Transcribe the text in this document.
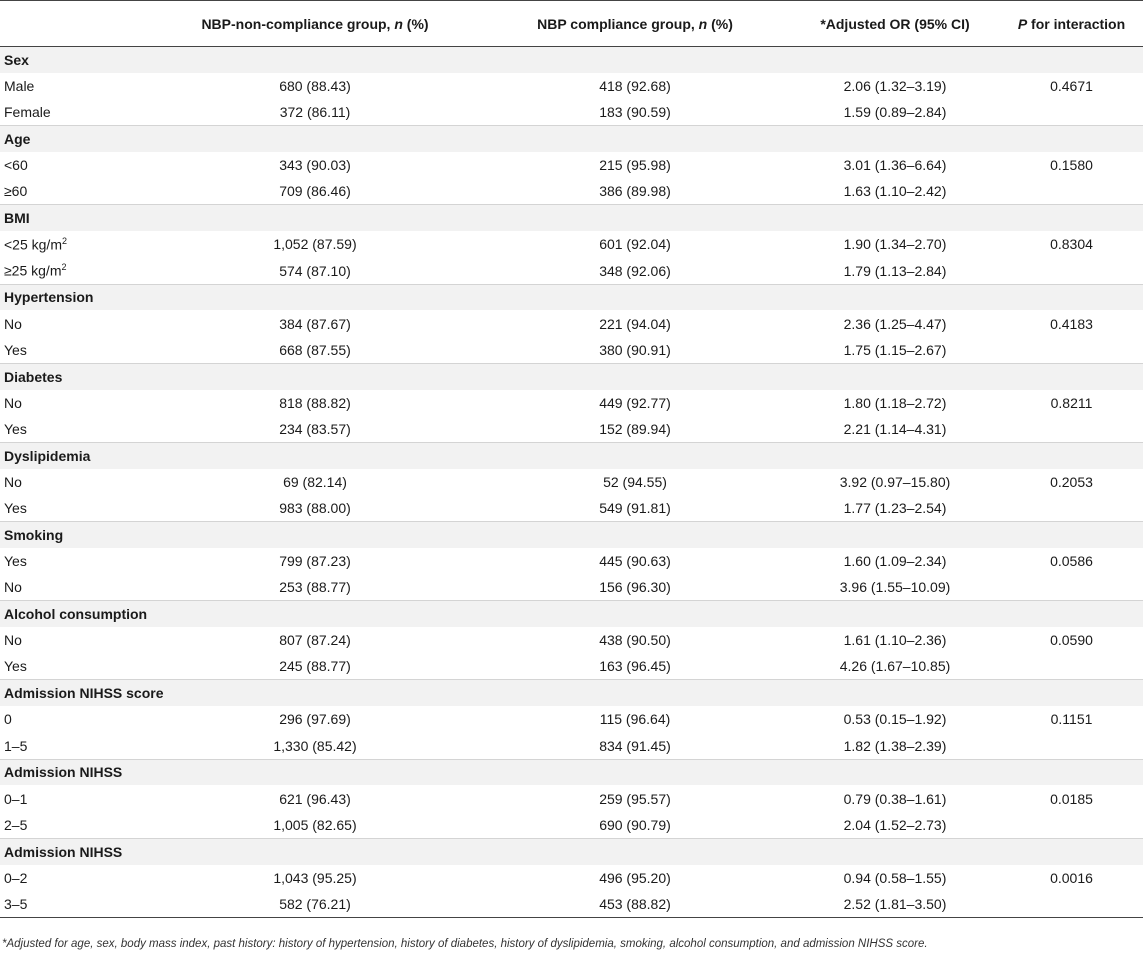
	NBP-non-compliance group, n (%)	NBP compliance group, n (%)	*Adjusted OR (95% CI)	P for interaction
Sex				
Male	680 (88.43)	418 (92.68)	2.06 (1.32–3.19)	0.4671
Female	372 (86.11)	183 (90.59)	1.59 (0.89–2.84)	
Age				
<60	343 (90.03)	215 (95.98)	3.01 (1.36–6.64)	0.1580
≥60	709 (86.46)	386 (89.98)	1.63 (1.10–2.42)	
BMI				
<25 $kg/m^2$	1,052 (87.59)	601 (92.04)	1.90 (1.34–2.70)	0.8304
≥25 $kg/m^2$	574 (87.10)	348 (92.06)	1.79 (1.13–2.84)	
Hypertension				
No	384 (87.67)	221 (94.04)	2.36 (1.25–4.47)	0.4183
Yes	668 (87.55)	380 (90.91)	1.75 (1.15–2.67)	
Diabetes				
No	818 (88.82)	449 (92.77)	1.80 (1.18–2.72)	0.8211
Yes	234 (83.57)	152 (89.94)	2.21 (1.14–4.31)	
Dyslipidemia				
No	69 (82.14)	52 (94.55)	3.92 (0.97–15.80)	0.2053
Yes	983 (88.00)	549 (91.81)	1.77 (1.23–2.54)	
Smoking				
Yes	799 (87.23)	445 (90.63)	1.60 (1.09–2.34)	0.0586
No	253 (88.77)	156 (96.30)	3.96 (1.55–10.09)	
Alcohol consumption				
No	807 (87.24)	438 (90.50)	1.61 (1.10–2.36)	0.0590
Yes	245 (88.77)	163 (96.45)	4.26 (1.67–10.85)	
Admission NIHSS score				
0	296 (97.69)	115 (96.64)	0.53 (0.15–1.92)	0.1151
1–5	1,330 (85.42)	834 (91.45)	1.82 (1.38–2.39)	
Admission NIHSS				
0–1	621 (96.43)	259 (95.57)	0.79 (0.38–1.61)	0.0185
2–5	1,005 (82.65)	690 (90.79)	2.04 (1.52–2.73)	
Admission NIHSS				
0–2	1,043 (95.25)	496 (95.20)	0.94 (0.58–1.55)	0.0016
3–5	582 (76.21)	453 (88.82)	2.52 (1.81–3.50)	
*Adjusted for age, sex, body mass index, past history: history of hypertension, history of diabetes, history of dyslipidemia, smoking, alcohol consumption, and admission NIHSS score.
